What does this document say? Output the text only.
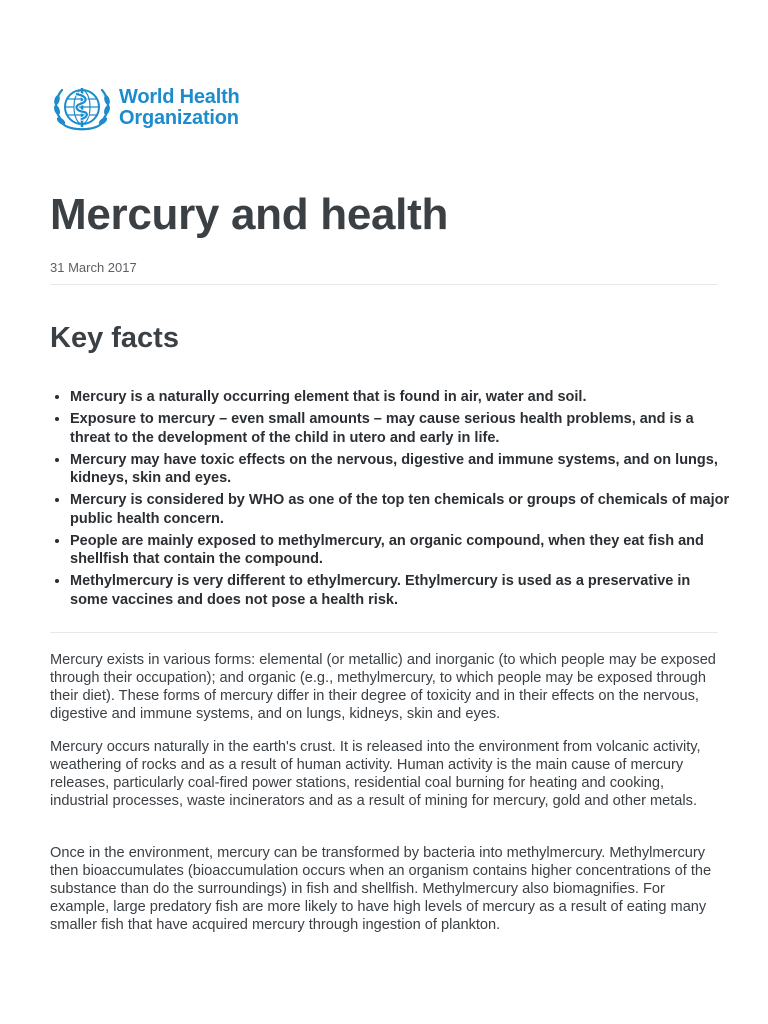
World Health
Organization
Mercury and health
31 March 2017
Key facts
• Mercury is a naturally occurring element that is found in air, water and soil.
• Exposure to mercury – even small amounts – may cause serious health problems, and is a threat to the development of the child in utero and early in life.
• Mercury may have toxic effects on the nervous, digestive and immune systems, and on lungs, kidneys, skin and eyes.
• Mercury is considered by WHO as one of the top ten chemicals or groups of chemicals of major public health concern.
• People are mainly exposed to methylmercury, an organic compound, when they eat fish and shellfish that contain the compound.
• Methylmercury is very different to ethylmercury. Ethylmercury is used as a preservative in some vaccines and does not pose a health risk.

Mercury exists in various forms: elemental (or metallic) and inorganic (to which people may be exposed through their occupation); and organic (e.g., methylmercury, to which people may be exposed through their diet). These forms of mercury differ in their degree of toxicity and in their effects on the nervous, digestive and immune systems, and on lungs, kidneys, skin and eyes.

Mercury occurs naturally in the earth's crust. It is released into the environment from volcanic activity, weathering of rocks and as a result of human activity. Human activity is the main cause of mercury releases, particularly coal-fired power stations, residential coal burning for heating and cooking, industrial processes, waste incinerators and as a result of mining for mercury, gold and other metals.

Once in the environment, mercury can be transformed by bacteria into methylmercury. Methylmercury then bioaccumulates (bioaccumulation occurs when an organism contains higher concentrations of the substance than do the surroundings) in fish and shellfish. Methylmercury also biomagnifies. For example, large predatory fish are more likely to have high levels of mercury as a result of eating many smaller fish that have acquired mercury through ingestion of plankton.
